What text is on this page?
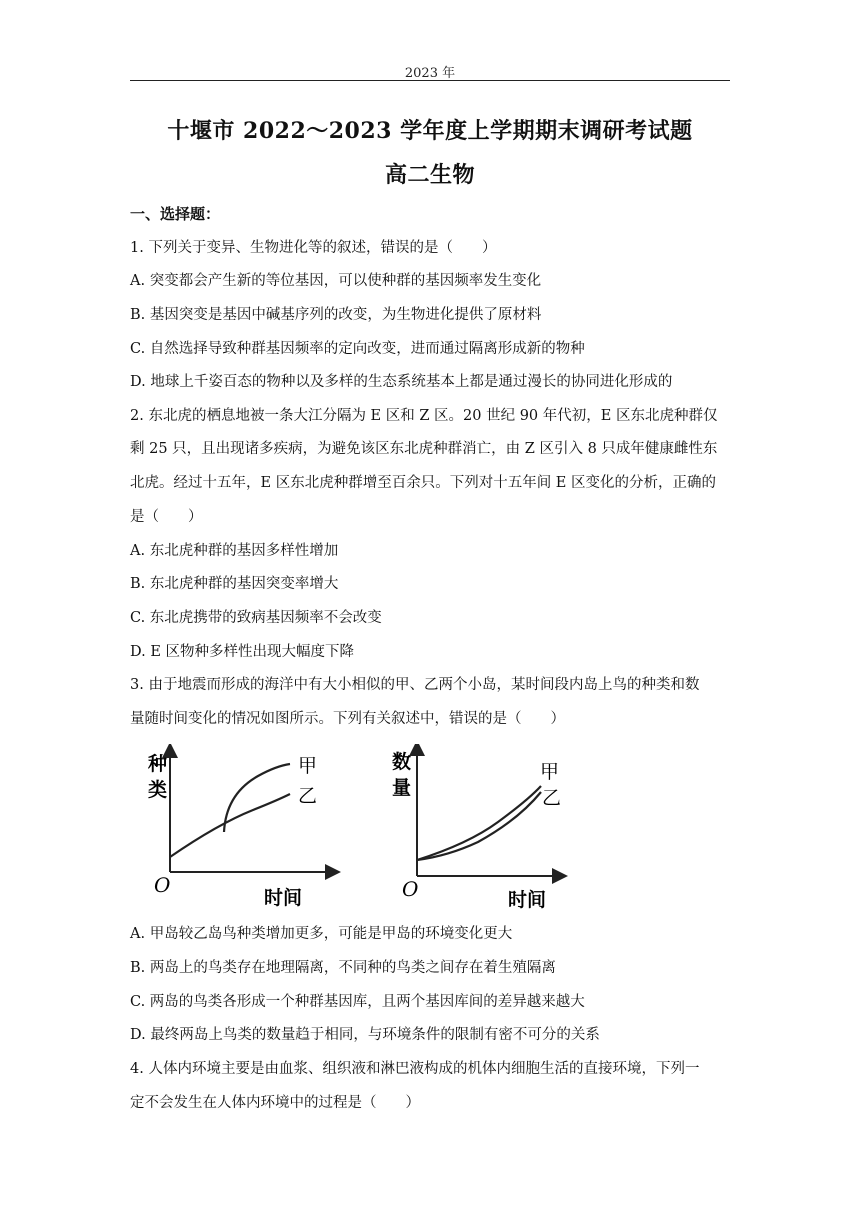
2023 年
十堰市 2022～2023 学年度上学期期末调研考试题
高二生物
一、选择题：
1. 下列关于变异、生物进化等的叙述，错误的是（　　）
A. 突变都会产生新的等位基因，可以使种群的基因频率发生变化
B. 基因突变是基因中碱基序列的改变，为生物进化提供了原材料
C. 自然选择导致种群基因频率的定向改变，进而通过隔离形成新的物种
D. 地球上千姿百态的物种以及多样的生态系统基本上都是通过漫长的协同进化形成的
2. 东北虎的栖息地被一条大江分隔为 E 区和 Z 区。20 世纪 90 年代初，E 区东北虎种群仅
剩 25 只，且出现诸多疾病，为避免该区东北虎种群消亡，由 Z 区引入 8 只成年健康雌性东
北虎。经过十五年，E 区东北虎种群增至百余只。下列对十五年间 E 区变化的分析，正确的
是（　　）
A. 东北虎种群的基因多样性增加
B. 东北虎种群的基因突变率增大
C. 东北虎携带的致病基因频率不会改变
D. E 区物种多样性出现大幅度下降
3. 由于地震而形成的海洋中有大小相似的甲、乙两个小岛，某时间段内岛上鸟的种类和数
量随时间变化的情况如图所示。下列有关叙述中，错误的是（　　）
种
类
甲
乙
O
时间
数
量
甲
乙
O	时间
A. 甲岛较乙岛鸟种类增加更多，可能是甲岛的环境变化更大
B. 两岛上的鸟类存在地理隔离，不同种的鸟类之间存在着生殖隔离
C. 两岛的鸟类各形成一个种群基因库，且两个基因库间的差异越来越大
D. 最终两岛上鸟类的数量趋于相同，与环境条件的限制有密不可分的关系
4. 人体内环境主要是由血浆、组织液和淋巴液构成的机体内细胞生活的直接环境，下列一
定不会发生在人体内环境中的过程是（　　）
